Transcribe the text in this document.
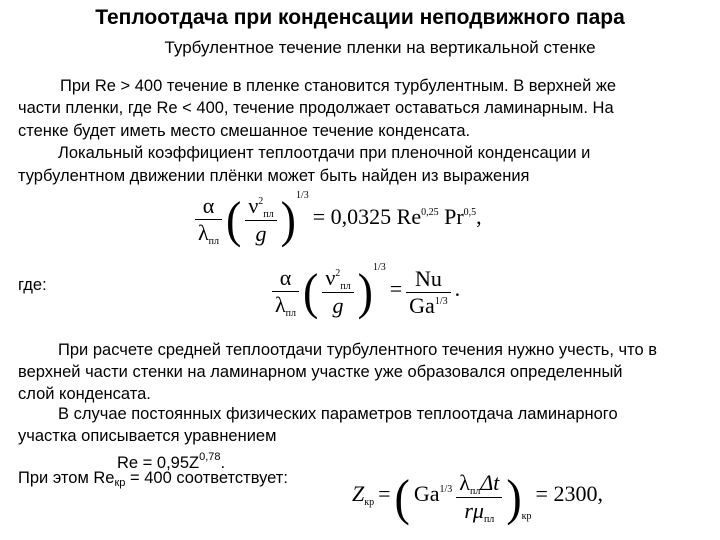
Теплоотдача при конденсации неподвижного пара
Турбулентное течение пленки на вертикальной стенке
При Re > 400 течение в пленке становится турбулентным. В верхней же
части пленки, где Re < 400, течение продолжает оставаться ламинарным. На
стенке будет иметь место смешанное течение конденсата.
Локальный коэффициент теплоотдачи при пленочной конденсации и
турбулентном движении плёнки может быть найден из выражения
$\frac{\alpha}{\lambda_{пл}}$ ( $\frac{\nu^2_{пл}}{g} )^{1/3} = 0,0325$ Re$^{0,25}$ Pr$^{0,5}$,
где:	$\frac{\alpha}{\lambda_{пл}}$ ( $\frac{\nu^2_{пл}}{g} )^{1/3} = \frac{Nu}{Ga^{1/3}}$ .
При расчете средней теплоотдачи турбулентного течения нужно учесть, что в
верхней части стенки на ламинарном участке уже образовался определенный
слой конденсата.
В случае постоянных физических параметров теплоотдача ламинарного
участка описывается уравнением
$Re = 0,95Z^{0,78}$.
При этом Reкр = 400 соответствует:
$Z_{кр}$ = ( $Ga^{1/3} \frac{\lambda_{пл}\Delta t}{r\mu_{пл}} )_{кр} = 2300$,
